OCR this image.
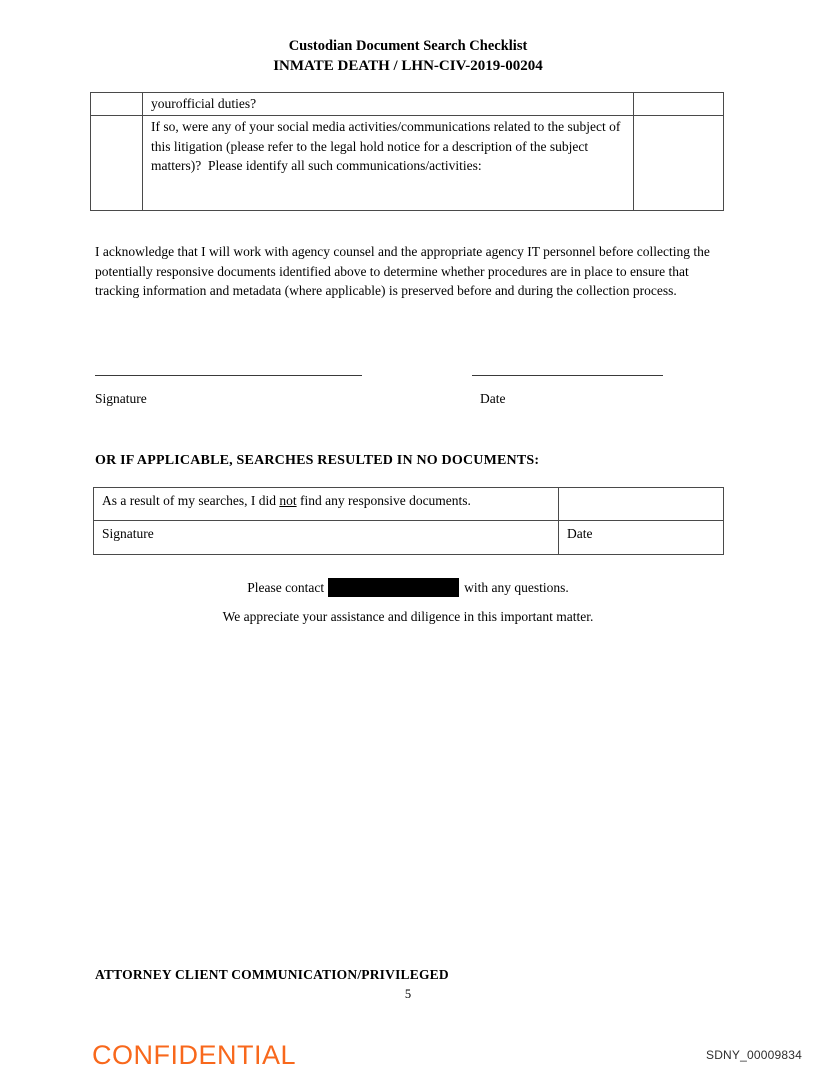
Custodian Document Search Checklist
INMATE DEATH / LHN-CIV-2019-00204
	yourofficial duties?	
	If so, were any of your social media activities/communications related to the subject of this litigation (please refer to the legal hold notice for a description of the subject matters)?  Please identify all such communications/activities:	
I acknowledge that I will work with agency counsel and the appropriate agency IT personnel before collecting the potentially responsive documents identified above to determine whether procedures are in place to ensure that tracking information and metadata (where applicable) is preserved before and during the collection process.
Signature	Date
OR IF APPLICABLE, SEARCHES RESULTED IN NO DOCUMENTS:
As a result of my searches, I did not find any responsive documents.	
Signature	Date
Please contact	with any questions.
We appreciate your assistance and diligence in this important matter.
ATTORNEY CLIENT COMMUNICATION/PRIVILEGED
5
CONFIDENTIAL	SDNY_00009834
